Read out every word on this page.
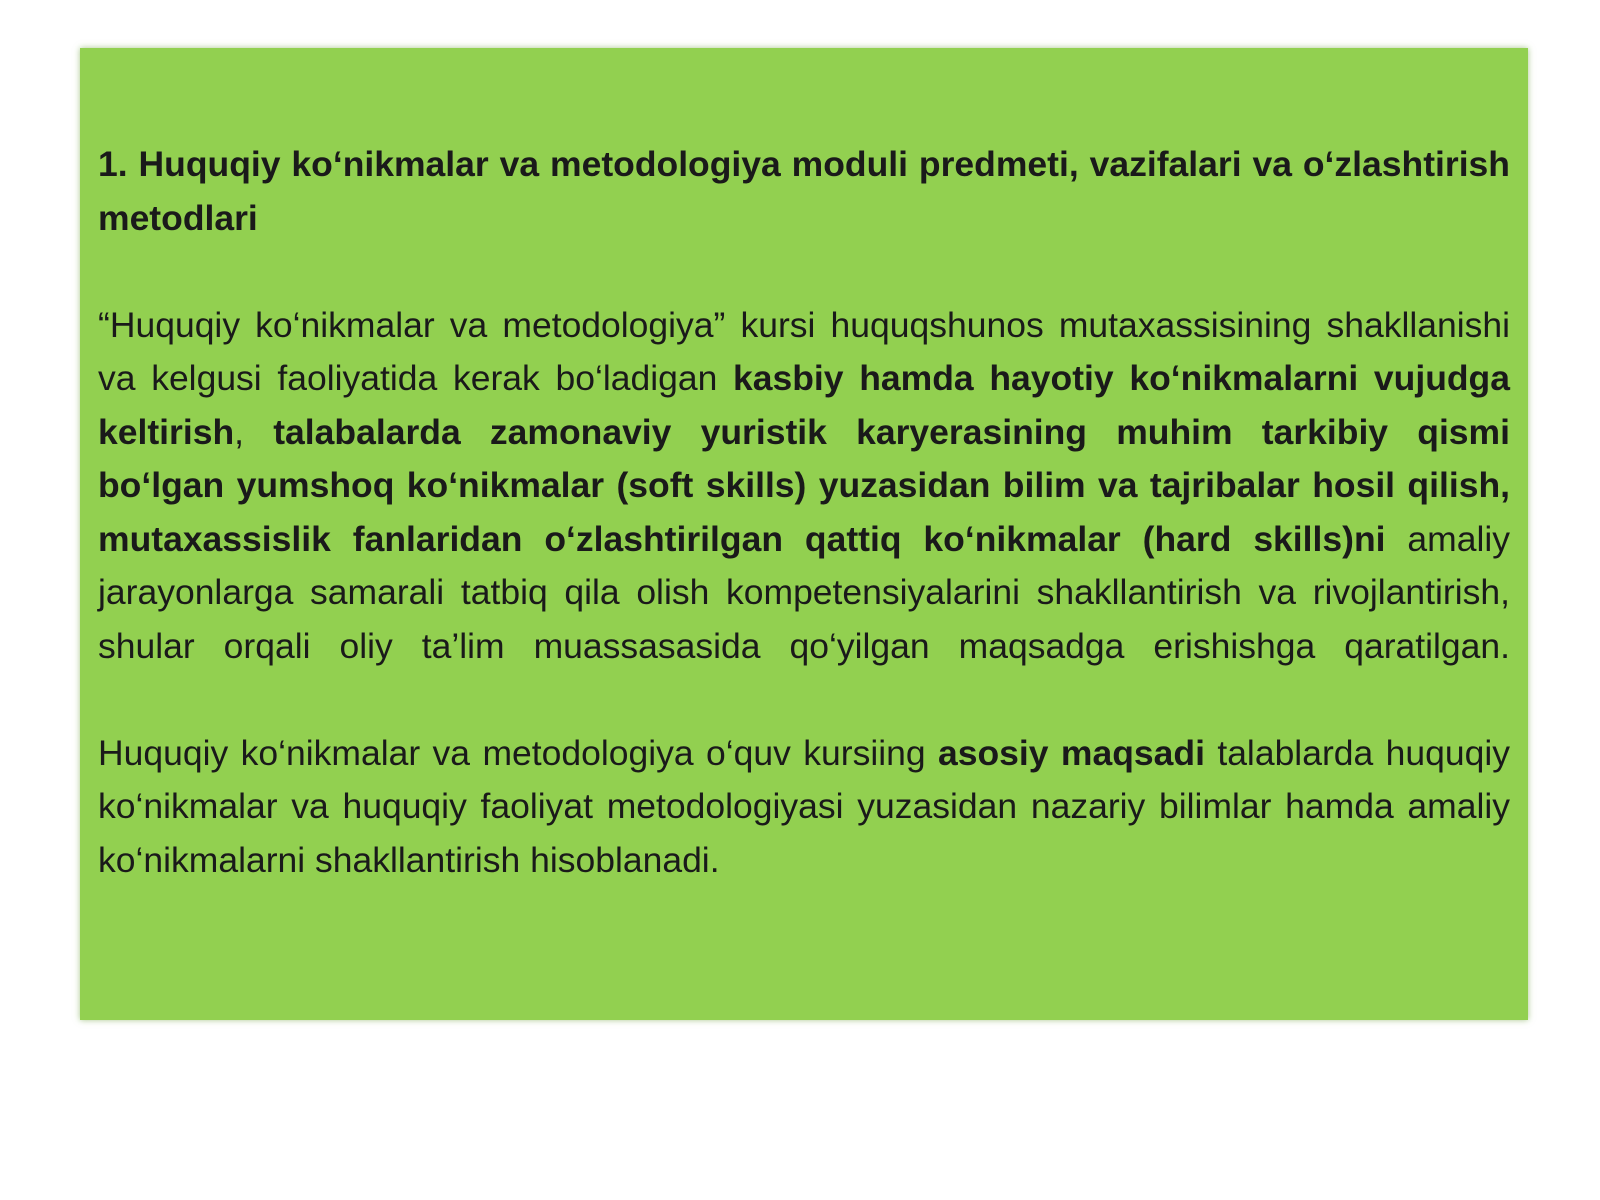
1. Huquqiy ko‘nikmalar va metodologiya moduli predmeti, vazifalari va o‘zlashtirish metodlari

“Huquqiy ko‘nikmalar va metodologiya” kursi huquqshunos mutaxassisining shakllanishi va kelgusi faoliyatida kerak bo‘ladigan kasbiy hamda hayotiy ko‘nikmalarni vujudga keltirish, talabalarda zamonaviy yuristik karyerasining muhim tarkibiy qismi bo‘lgan yumshoq ko‘nikmalar (soft skills) yuzasidan bilim va tajribalar hosil qilish, mutaxassislik fanlaridan o‘zlashtirilgan qattiq ko‘nikmalar (hard skills)ni amaliy jarayonlarga samarali tatbiq qila olish kompetensiyalarini shakllantirish va rivojlantirish, shular orqali oliy ta’lim muassasasida qo‘yilgan maqsadga erishishga qaratilgan.

Huquqiy ko‘nikmalar va metodologiya o‘quv kursiing asosiy maqsadi talablarda huquqiy ko‘nikmalar va huquqiy faoliyat metodologiyasi yuzasidan nazariy bilimlar hamda amaliy ko‘nikmalarni shakllantirish hisoblanadi.
